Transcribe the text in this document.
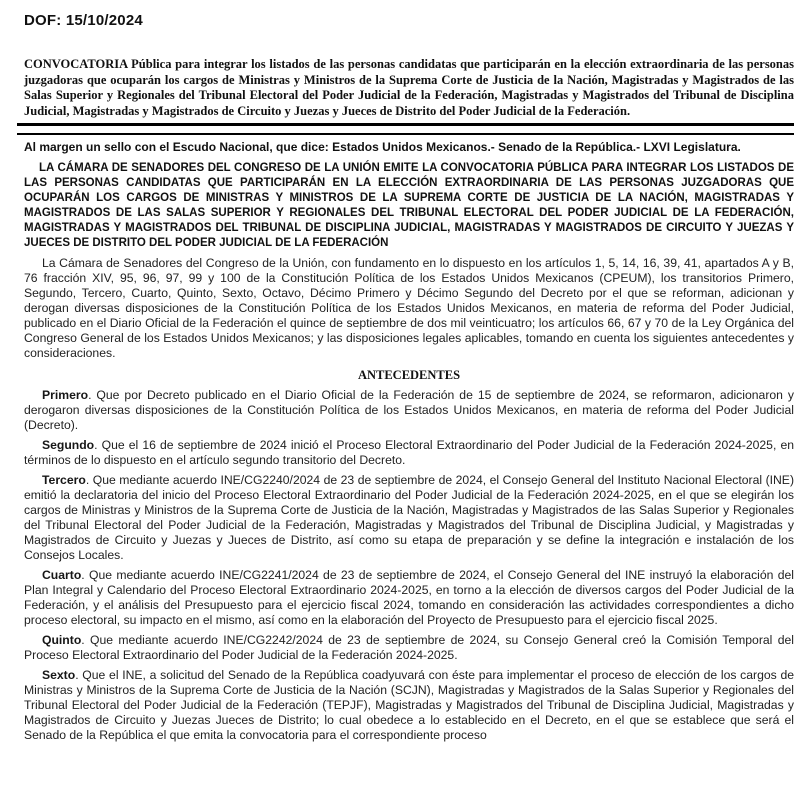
DOF: 15/10/2024

CONVOCATORIA Pública para integrar los listados de las personas candidatas que participarán en la elección extraordinaria de las personas juzgadoras que ocuparán los cargos de Ministras y Ministros de la Suprema Corte de Justicia de la Nación, Magistradas y Magistrados de las Salas Superior y Regionales del Tribunal Electoral del Poder Judicial de la Federación, Magistradas y Magistrados del Tribunal de Disciplina Judicial, Magistradas y Magistrados de Circuito y Juezas y Jueces de Distrito del Poder Judicial de la Federación.

Al margen un sello con el Escudo Nacional, que dice: Estados Unidos Mexicanos.- Senado de la República.- LXVI Legislatura.

LA CÁMARA DE SENADORES DEL CONGRESO DE LA UNIÓN EMITE LA CONVOCATORIA PÚBLICA PARA INTEGRAR LOS LISTADOS DE LAS PERSONAS CANDIDATAS QUE PARTICIPARÁN EN LA ELECCIÓN EXTRAORDINARIA DE LAS PERSONAS JUZGADORAS QUE OCUPARÁN LOS CARGOS DE MINISTRAS Y MINISTROS DE LA SUPREMA CORTE DE JUSTICIA DE LA NACIÓN, MAGISTRADAS Y MAGISTRADOS DE LAS SALAS SUPERIOR Y REGIONALES DEL TRIBUNAL ELECTORAL DEL PODER JUDICIAL DE LA FEDERACIÓN, MAGISTRADAS Y MAGISTRADOS DEL TRIBUNAL DE DISCIPLINA JUDICIAL, MAGISTRADAS Y MAGISTRADOS DE CIRCUITO Y JUEZAS Y JUECES DE DISTRITO DEL PODER JUDICIAL DE LA FEDERACIÓN

La Cámara de Senadores del Congreso de la Unión, con fundamento en lo dispuesto en los artículos 1, 5, 14, 16, 39, 41, apartados A y B, 76 fracción XIV, 95, 96, 97, 99 y 100 de la Constitución Política de los Estados Unidos Mexicanos (CPEUM), los transitorios Primero, Segundo, Tercero, Cuarto, Quinto, Sexto, Octavo, Décimo Primero y Décimo Segundo del Decreto por el que se reforman, adicionan y derogan diversas disposiciones de la Constitución Política de los Estados Unidos Mexicanos, en materia de reforma del Poder Judicial, publicado en el Diario Oficial de la Federación el quince de septiembre de dos mil veinticuatro; los artículos 66, 67 y 70 de la Ley Orgánica del Congreso General de los Estados Unidos Mexicanos; y las disposiciones legales aplicables, tomando en cuenta los siguientes antecedentes y consideraciones.

ANTECEDENTES

Primero. Que por Decreto publicado en el Diario Oficial de la Federación de 15 de septiembre de 2024, se reformaron, adicionaron y derogaron diversas disposiciones de la Constitución Política de los Estados Unidos Mexicanos, en materia de reforma del Poder Judicial (Decreto).

Segundo. Que el 16 de septiembre de 2024 inició el Proceso Electoral Extraordinario del Poder Judicial de la Federación 2024-2025, en términos de lo dispuesto en el artículo segundo transitorio del Decreto.

Tercero. Que mediante acuerdo INE/CG2240/2024 de 23 de septiembre de 2024, el Consejo General del Instituto Nacional Electoral (INE) emitió la declaratoria del inicio del Proceso Electoral Extraordinario del Poder Judicial de la Federación 2024-2025, en el que se elegirán los cargos de Ministras y Ministros de la Suprema Corte de Justicia de la Nación, Magistradas y Magistrados de las Salas Superior y Regionales del Tribunal Electoral del Poder Judicial de la Federación, Magistradas y Magistrados del Tribunal de Disciplina Judicial, y Magistradas y Magistrados de Circuito y Juezas y Jueces de Distrito, así como su etapa de preparación y se define la integración e instalación de los Consejos Locales.

Cuarto. Que mediante acuerdo INE/CG2241/2024 de 23 de septiembre de 2024, el Consejo General del INE instruyó la elaboración del Plan Integral y Calendario del Proceso Electoral Extraordinario 2024-2025, en torno a la elección de diversos cargos del Poder Judicial de la Federación, y el análisis del Presupuesto para el ejercicio fiscal 2024, tomando en consideración las actividades correspondientes a dicho proceso electoral, su impacto en el mismo, así como en la elaboración del Proyecto de Presupuesto para el ejercicio fiscal 2025.

Quinto. Que mediante acuerdo INE/CG2242/2024 de 23 de septiembre de 2024, su Consejo General creó la Comisión Temporal del Proceso Electoral Extraordinario del Poder Judicial de la Federación 2024-2025.

Sexto. Que el INE, a solicitud del Senado de la República coadyuvará con éste para implementar el proceso de elección de los cargos de Ministras y Ministros de la Suprema Corte de Justicia de la Nación (SCJN), Magistradas y Magistrados de la Salas Superior y Regionales del Tribunal Electoral del Poder Judicial de la Federación (TEPJF), Magistradas y Magistrados del Tribunal de Disciplina Judicial, Magistradas y Magistrados de Circuito y Juezas Jueces de Distrito; lo cual obedece a lo establecido en el Decreto, en el que se establece que será el Senado de la República el que emita la convocatoria para el correspondiente proceso
